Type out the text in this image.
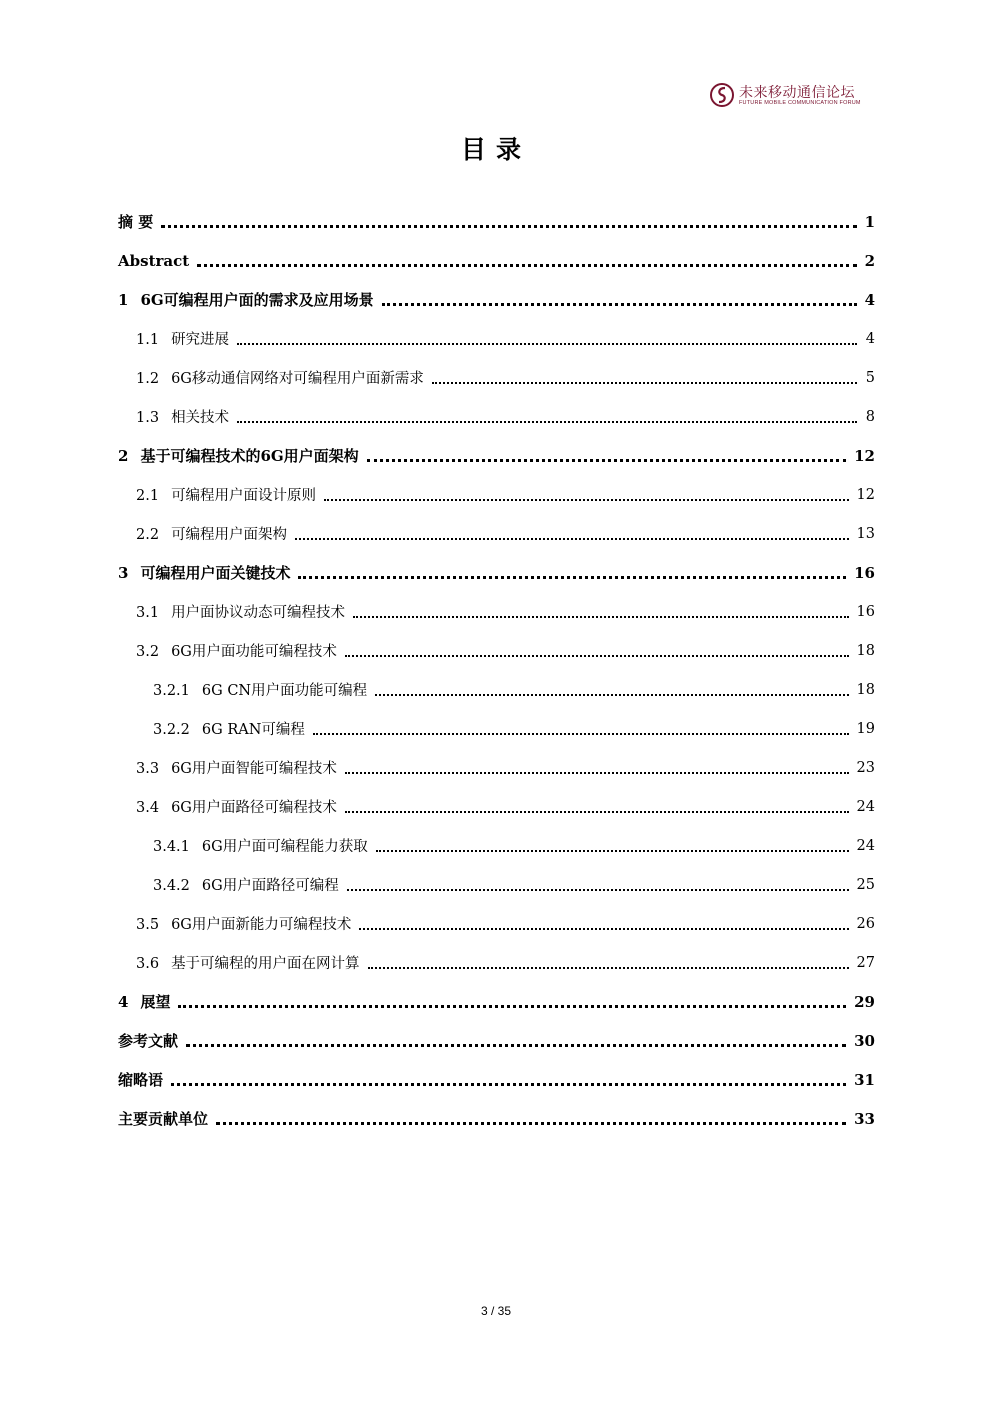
未来移动通信论坛
FUTURE MOBILE COMMUNICATION FORUM
目录
摘 要	1
Abstract	2
1 6G可编程用户面的需求及应用场景	4
1.1 研究进展	4
1.2 6G移动通信网络对可编程用户面新需求	5
1.3 相关技术	8
2 基于可编程技术的6G用户面架构	12
2.1 可编程用户面设计原则	12
2.2 可编程用户面架构	13
3 可编程用户面关键技术	16
3.1 用户面协议动态可编程技术	16
3.2 6G用户面功能可编程技术	18
3.2.1 6G CN用户面功能可编程	18
3.2.2 6G RAN可编程	19
3.3 6G用户面智能可编程技术	23
3.4 6G用户面路径可编程技术	24
3.4.1 6G用户面可编程能力获取	24
3.4.2 6G用户面路径可编程	25
3.5 6G用户面新能力可编程技术	26
3.6 基于可编程的用户面在网计算	27
4 展望	29
参考文献	30
缩略语	31
主要贡献单位	33
3 / 35
